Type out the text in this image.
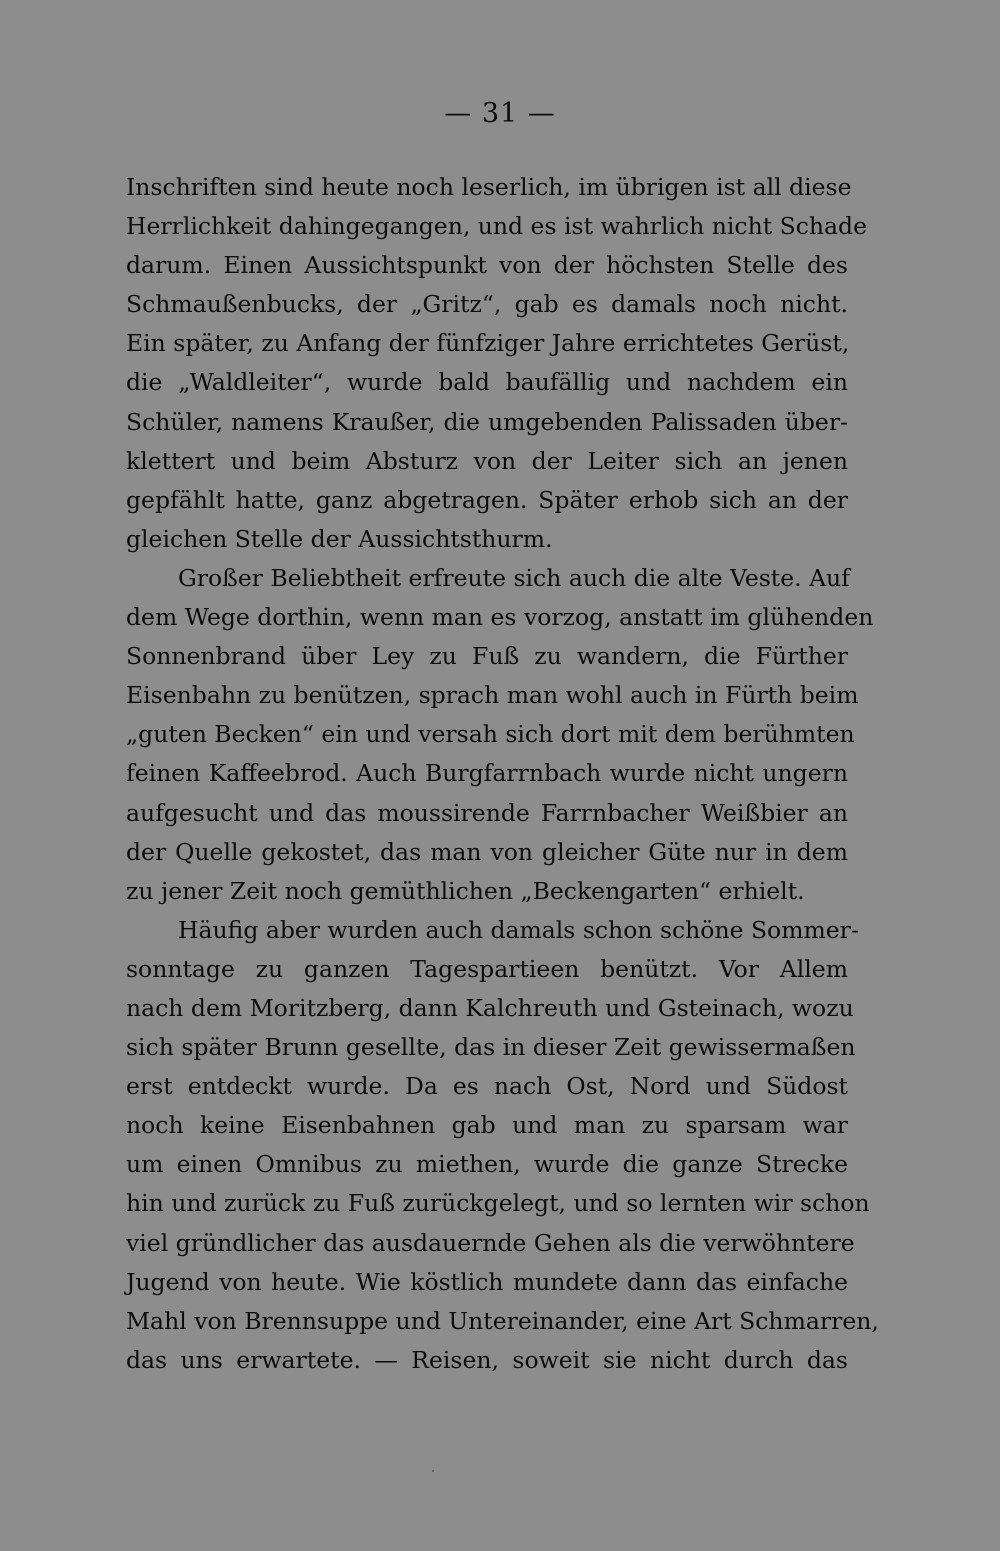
— 31 —
Inschriften sind heute noch leserlich, im übrigen ist all diese
Herrlichkeit dahingegangen, und es ist wahrlich nicht Schade
darum. Einen Aussichtspunkt von der höchsten Stelle des
Schmaußenbucks, der „Gritz“, gab es damals noch nicht.
Ein später, zu Anfang der fünfziger Jahre errichtetes Gerüst,
die „Waldleiter“, wurde bald baufällig und nachdem ein
Schüler, namens Kraußer, die umgebenden Palissaden über-
klettert und beim Absturz von der Leiter sich an jenen
gepfählt hatte, ganz abgetragen. Später erhob sich an der
gleichen Stelle der Aussichtsthurm.
Großer Beliebtheit erfreute sich auch die alte Veste. Auf
dem Wege dorthin, wenn man es vorzog, anstatt im glühenden
Sonnenbrand über Ley zu Fuß zu wandern, die Fürther
Eisenbahn zu benützen, sprach man wohl auch in Fürth beim
„guten Becken“ ein und versah sich dort mit dem berühmten
feinen Kaffeebrod. Auch Burgfarrnbach wurde nicht ungern
aufgesucht und das moussirende Farrnbacher Weißbier an
der Quelle gekostet, das man von gleicher Güte nur in dem
zu jener Zeit noch gemüthlichen „Beckengarten“ erhielt.
Häufig aber wurden auch damals schon schöne Sommer-
sonntage zu ganzen Tagespartieen benützt. Vor Allem
nach dem Moritzberg, dann Kalchreuth und Gsteinach, wozu
sich später Brunn gesellte, das in dieser Zeit gewissermaßen
erst entdeckt wurde. Da es nach Ost, Nord und Südost
noch keine Eisenbahnen gab und man zu sparsam war
um einen Omnibus zu miethen, wurde die ganze Strecke
hin und zurück zu Fuß zurückgelegt, und so lernten wir schon
viel gründlicher das ausdauernde Gehen als die verwöhntere
Jugend von heute. Wie köstlich mundete dann das einfache
Mahl von Brennsuppe und Untereinander, eine Art Schmarren,
das uns erwartete. — Reisen, soweit sie nicht durch das
